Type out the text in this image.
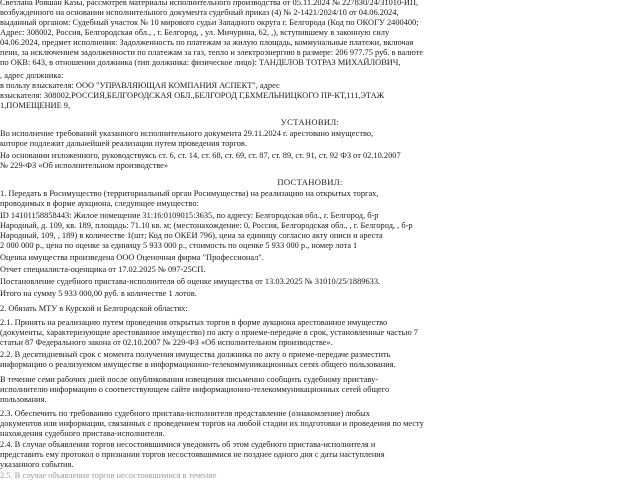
Светлана Рояшан Каэы, рассмотрев материалы исполнительного производства от 05.11.2024 № 227830/24/31010-ИП,
возбужденного на основании исполнительного документа судебный приказ (4) № 2-1421/2024/10 от 04.06.2024,
выданный органом: Судебный участок № 10 мирового судьи Западного округа г. Белгорода (Код по ОКОГУ 2400400;
Адрес: 308002, Россия, Белгородская обл., , г. Белгород, , ул. Мичурина, 62, ,), вступившему в законную силу
04.06.2024, предмет исполнения: Задолженность по платежам за жилую площадь, коммунальные платежи, включая
пени, за исключением задолженности по платежам за газ, тепло и электроэнергию в размере: 206 977.75 руб. в валюте
по ОКВ: 643, в отношении должника (тип должника: физическое лицо): ТАНДЕЛОВ ТОТРАЗ МИХАЙЛОВИЧ,
, адрес должника:
в пользу взыскателя: ООО "УПРАВЛЯЮЩАЯ КОМПАНИЯ АСПЕКТ", адрес
взыскателя: 308002,РОССИЯ,БЕЛГОРОДСКАЯ ОБЛ.,БЕЛГОРОД Г,БХМЕЛЬНИЦКОГО ПР-КТ,111,ЭТАЖ
1,ПОМЕЩЕНИЕ 9,
УСТАНОВИЛ:
Во исполнение требований указанного исполнительного документа 29.11.2024 г. арестовано имущество,
которое подлежит дальнейшей реализации путем проведения торгов.
На основании изложенного, руководствуясь ст. 6, ст. 14, ст. 68, ст. 69, ст. 87, ст. 89, ст. 91, ст. 92 ФЗ от 02.10.2007
№ 229-ФЗ «Об исполнительном производстве»
ПОСТАНОВИЛ:
1. Передать в Росимущество (территориальный орган Росимущества) на реализацию на открытых торгах,
проводимых в форме аукциона, следующее имущество:
ID 14101158858443: Жилое помещение 31:16:0109015:3635, по адресу: Белгородская обл., г. Белгород, б-р
Народный, д. 109, кв. 189, площадь: 71.10 кв. м; (местонахождение: 0, Россия, Белгородская обл., , г. Белгород, , б-р
Народный, 109, , 189) в количестве 1(шт; Код по ОКЕИ 796), цена за единицу согласно акту описи и ареста
2 000 000 р., цена по оценке за единицу 5 933 000 р., стоимость по оценке 5 933 000 р., номер лота 1
Оценка имущества произведена ООО Оценочная фирма "Профессионал".
Отчет специалиста-оценщика от 17.02.2025 № 097-25СП.
Постановление судебного пристава-исполнителя об оценке имущества от 13.03.2025 № 31010/25/1889633.
Итого на сумму 5 933 000,00 руб. в количестве 1 лотов.
2. Обязать МТУ в Курской и Белгородской областях:
2.1. Принять на реализацию путем проведения открытых торгов в форме аукциона арестованное имущество
(документы, характеризующие арестованное имущество) по акту о приеме-передаче в срок, установленные частью 7
статьи 87 Федерального закона от 02.10.2007 № 229-ФЗ «Об исполнительном производстве».
2.2. В десятидневный срок с момента получения имущества должника по акту о приеме-передаче разместить
информацию о реализуемом имуществе в информационно-телекоммуникационных сетях общего пользования.
В течение семи рабочих дней после опубликования извещения письменно сообщить судебному приставу-
исполнителю информацию о соответствующем сайте информационно-телекоммуникационных сетей общего
пользования.
2.3. Обеспечить по требованию судебного пристава-исполнителя представление (ознакомление) любых
документов или информации, связанных с проведением торгов на любой стадии их подготовки и проведения по месту
нахождения судебного пристава-исполнителя.
2.4. В случае объявления торгов несостоявшимися уведомить об этом судебного пристава-исполнителя и
представить ему протокол о признании торгов несостоявшимися не позднее одного дня с даты наступления
указанного события.
2.5. В случае объявления торгов несостоявшимися в течение
